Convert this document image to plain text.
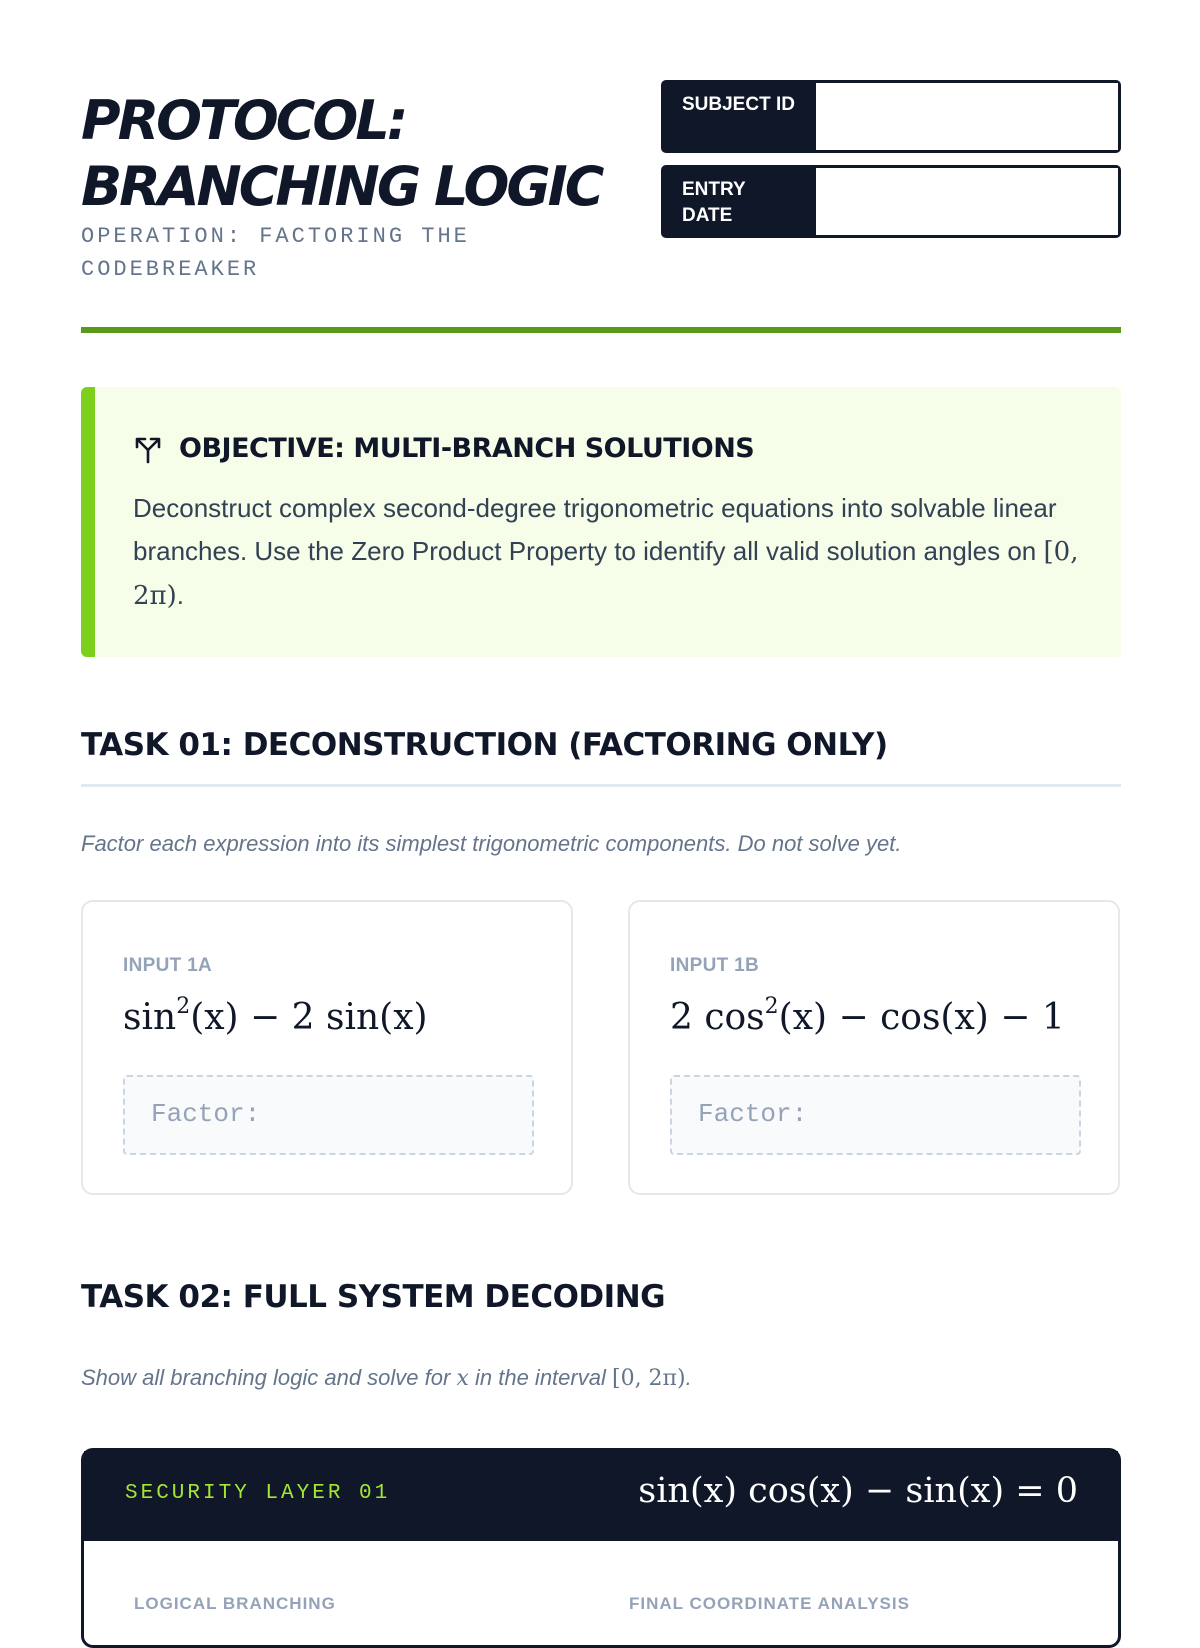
PROTOCOL:
BRANCHING LOGIC
OPERATION: FACTORING THE CODEBREAKER
SUBJECT ID
ENTRY DATE
OBJECTIVE: MULTI-BRANCH SOLUTIONS
Deconstruct complex second-degree trigonometric equations into solvable linear branches. Use the Zero Product Property to identify all valid solution angles on [0, 2π).
TASK 01: DECONSTRUCTION (FACTORING ONLY)
Factor each expression into its simplest trigonometric components. Do not solve yet.
INPUT 1A
$\sin^2(x) - 2$ sin(x)
Factor:
INPUT 1B
2 $\cos^2(x) - \cos(x) - 1$
Factor:
TASK 02: FULL SYSTEM DECODING
Show all branching logic and solve for x in the interval [0, 2π).
SECURITY LAYER 01	sin(x) cos(x) − sin(x) = 0
LOGICAL BRANCHING	FINAL COORDINATE ANALYSIS
